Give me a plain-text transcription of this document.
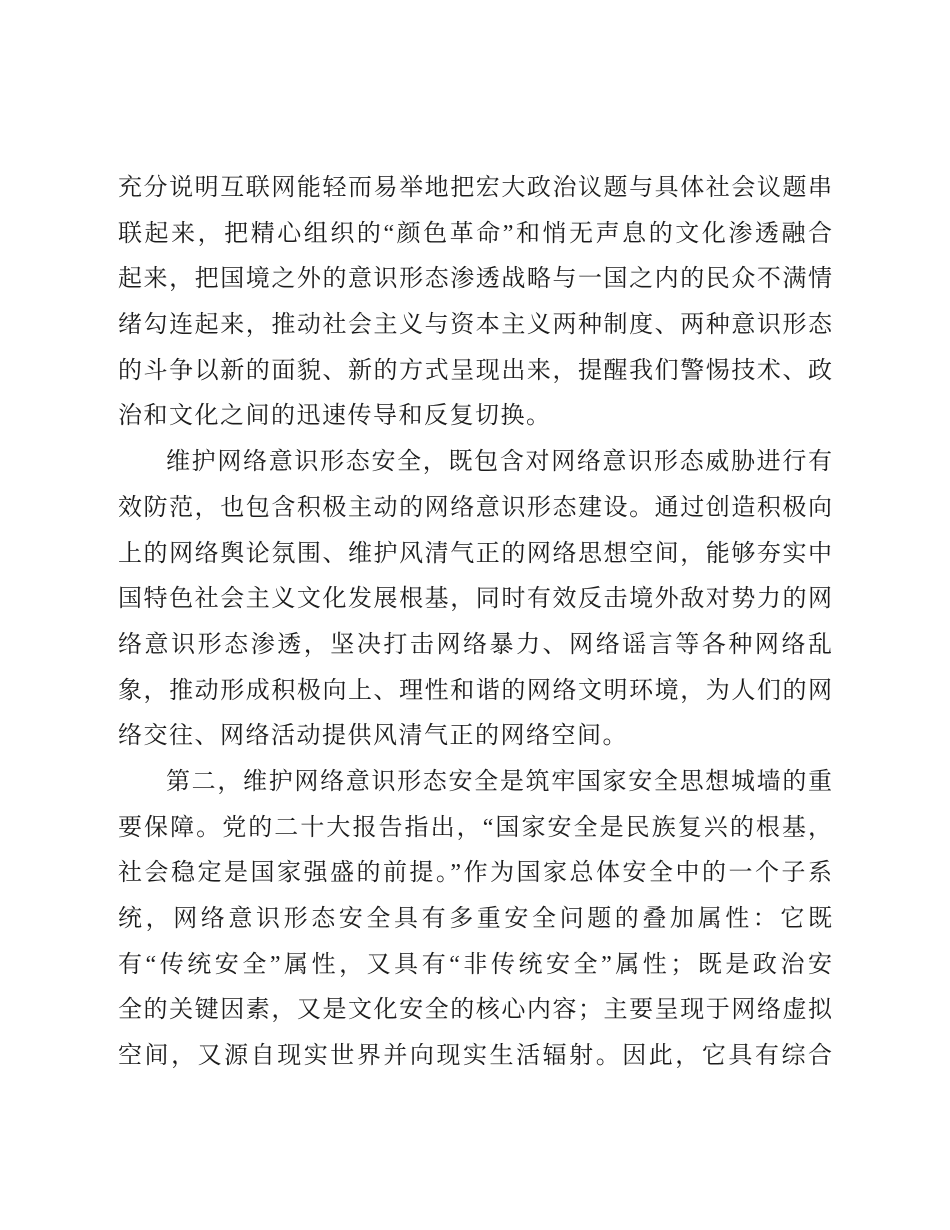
充分说明互联网能轻而易举地把宏大政治议题与具体社会议题串
联起来，把精心组织的“颜色革命”和悄无声息的文化渗透融合
起来，把国境之外的意识形态渗透战略与一国之内的民众不满情
绪勾连起来，推动社会主义与资本主义两种制度、两种意识形态
的斗争以新的面貌、新的方式呈现出来，提醒我们警惕技术、政
治和文化之间的迅速传导和反复切换。
维护网络意识形态安全，既包含对网络意识形态威胁进行有
效防范，也包含积极主动的网络意识形态建设。通过创造积极向
上的网络舆论氛围、维护风清气正的网络思想空间，能够夯实中
国特色社会主义文化发展根基，同时有效反击境外敌对势力的网
络意识形态渗透，坚决打击网络暴力、网络谣言等各种网络乱
象，推动形成积极向上、理性和谐的网络文明环境，为人们的网
络交往、网络活动提供风清气正的网络空间。
第二，维护网络意识形态安全是筑牢国家安全思想城墙的重
要保障。党的二十大报告指出，“国家安全是民族复兴的根基，
社会稳定是国家强盛的前提。”作为国家总体安全中的一个子系
统，网络意识形态安全具有多重安全问题的叠加属性：它既
有“传统安全”属性，又具有“非传统安全”属性；既是政治安
全的关键因素，又是文化安全的核心内容；主要呈现于网络虚拟
空间，又源自现实世界并向现实生活辐射。因此，它具有综合
